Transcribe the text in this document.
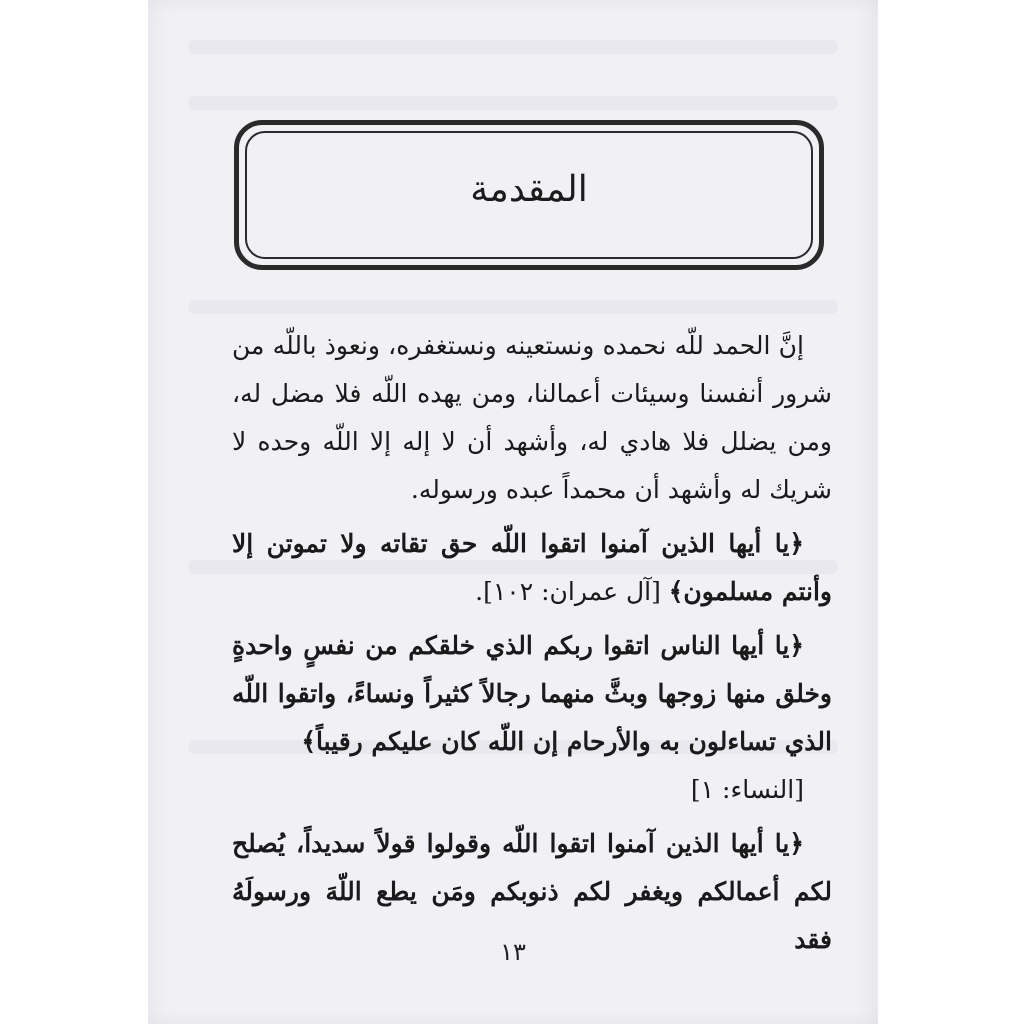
المقدمة

إنَّ الحمد للّه نحمده ونستعينه ونستغفره، ونعوذ باللّه من شرور أنفسنا وسيئات أعمالنا، ومن يهده اللّه فلا مضل له، ومن يضلل فلا هادي له، وأشهد أن لا إله إلا اللّه وحده لا شريك له وأشهد أن محمداً عبده ورسوله.

﴿يا أيها الذين آمنوا اتقوا اللّه حق تقاته ولا تموتن إلا وأنتم مسلمون﴾ [آل عمران: ١٠٢].

﴿يا أيها الناس اتقوا ربكم الذي خلقكم من نفسٍ واحدةٍ وخلق منها زوجها وبثَّ منهما رجالاً كثيراً ونساءً، واتقوا اللّه الذي تساءلون به والأرحام إن اللّه كان عليكم رقيباً﴾
[النساء: ١]

﴿يا أيها الذين آمنوا اتقوا اللّه وقولوا قولاً سديداً، يُصلح لكم أعمالكم ويغفر لكم ذنوبكم ومَن يطع اللّهَ ورسولَهُ فقد

١٣
